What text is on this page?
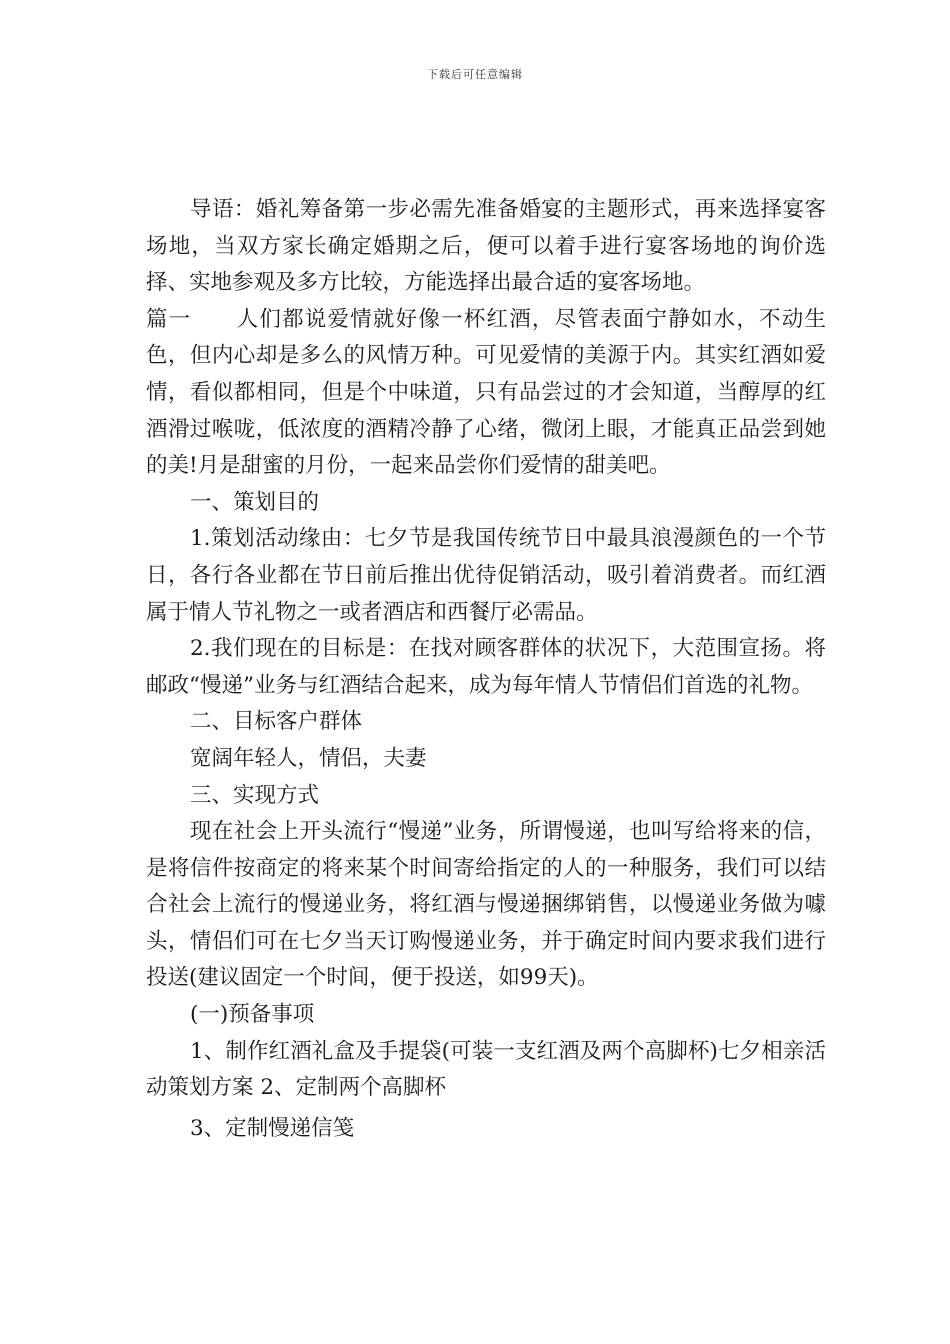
下载后可任意编辑

导语：婚礼筹备第一步必需先准备婚宴的主题形式，再来选择宴客场地，当双方家长确定婚期之后，便可以着手进行宴客场地的询价选择、实地参观及多方比较，方能选择出最合适的宴客场地。

篇一 人们都说爱情就好像一杯红酒，尽管表面宁静如水，不动生色，但内心却是多么的风情万种。可见爱情的美源于内。其实红酒如爱情，看似都相同，但是个中味道，只有品尝过的才会知道，当醇厚的红酒滑过喉咙，低浓度的酒精冷静了心绪，微闭上眼，才能真正品尝到她的美!月是甜蜜的月份，一起来品尝你们爱情的甜美吧。

一、策划目的

1.策划活动缘由：七夕节是我国传统节日中最具浪漫颜色的一个节日，各行各业都在节日前后推出优待促销活动，吸引着消费者。而红酒属于情人节礼物之一或者酒店和西餐厅必需品。

2.我们现在的目标是：在找对顾客群体的状况下，大范围宣扬。将邮政“慢递”业务与红酒结合起来，成为每年情人节情侣们首选的礼物。

二、目标客户群体

宽阔年轻人，情侣，夫妻

三、实现方式

现在社会上开头流行“慢递”业务，所谓慢递，也叫写给将来的信，是将信件按商定的将来某个时间寄给指定的人的一种服务，我们可以结合社会上流行的慢递业务，将红酒与慢递捆绑销售，以慢递业务做为噱头，情侣们可在七夕当天订购慢递业务，并于确定时间内要求我们进行投送(建议固定一个时间，便于投送，如99天)。

(一)预备事项

1、制作红酒礼盒及手提袋(可装一支红酒及两个高脚杯)七夕相亲活动策划方案 2、定制两个高脚杯

3、定制慢递信笺
